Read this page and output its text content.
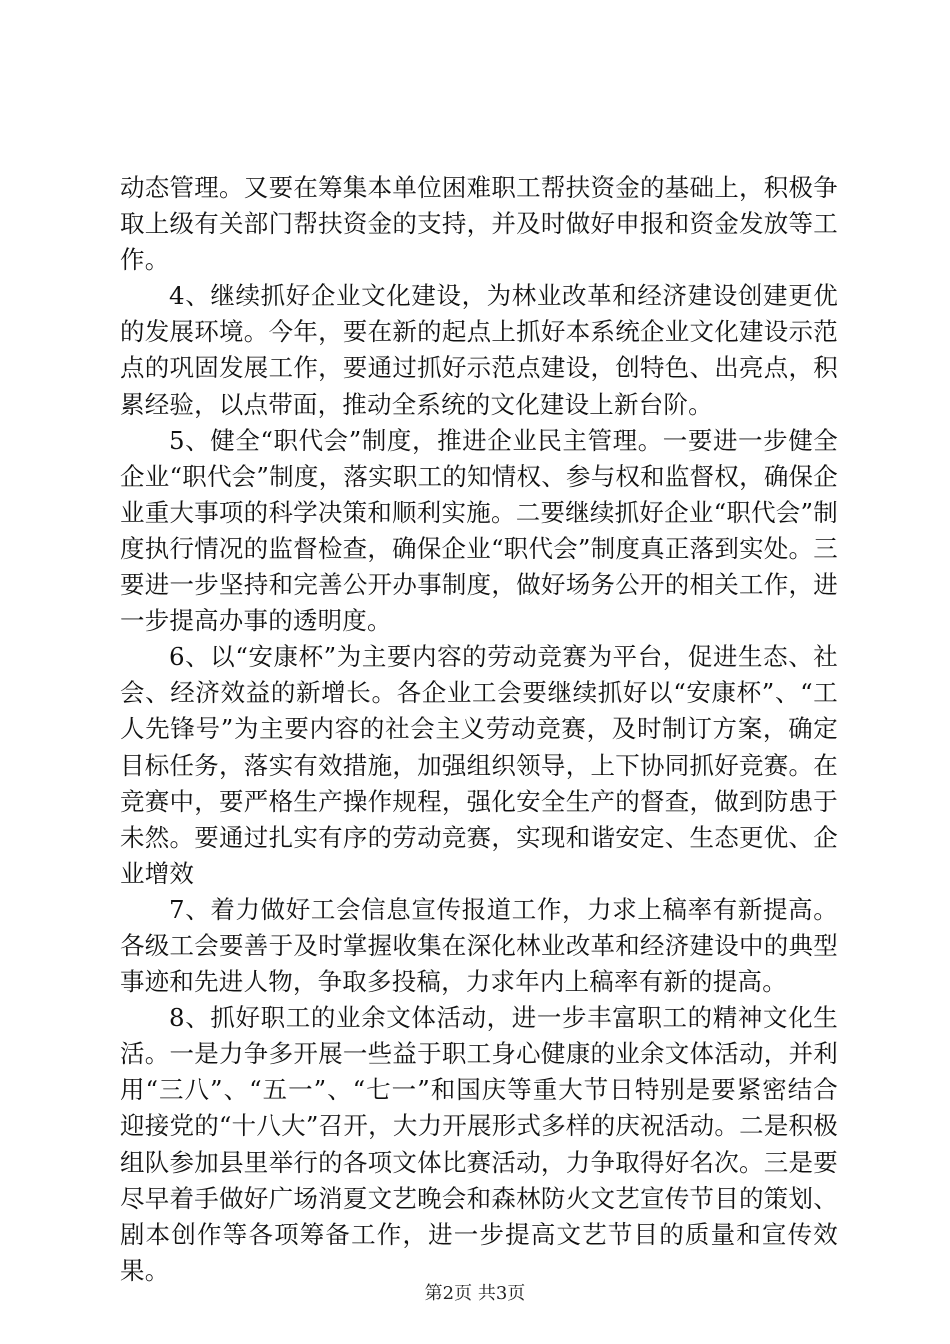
动态管理。又要在筹集本单位困难职工帮扶资金的基础上，积极争取上级有关部门帮扶资金的支持，并及时做好申报和资金发放等工作。

4、继续抓好企业文化建设，为林业改革和经济建设创建更优的发展环境。今年，要在新的起点上抓好本系统企业文化建设示范点的巩固发展工作，要通过抓好示范点建设，创特色、出亮点，积累经验，以点带面，推动全系统的文化建设上新台阶。

5、健全“职代会”制度，推进企业民主管理。一要进一步健全企业“职代会”制度，落实职工的知情权、参与权和监督权，确保企业重大事项的科学决策和顺利实施。二要继续抓好企业“职代会”制度执行情况的监督检查，确保企业“职代会”制度真正落到实处。三要进一步坚持和完善公开办事制度，做好场务公开的相关工作，进一步提高办事的透明度。

6、以“安康杯”为主要内容的劳动竞赛为平台，促进生态、社会、经济效益的新增长。各企业工会要继续抓好以“安康杯”、“工人先锋号”为主要内容的社会主义劳动竞赛，及时制订方案，确定目标任务，落实有效措施，加强组织领导，上下协同抓好竞赛。在竞赛中，要严格生产操作规程，强化安全生产的督查，做到防患于未然。要通过扎实有序的劳动竞赛，实现和谐安定、生态更优、企业增效

7、着力做好工会信息宣传报道工作，力求上稿率有新提高。各级工会要善于及时掌握收集在深化林业改革和经济建设中的典型事迹和先进人物，争取多投稿，力求年内上稿率有新的提高。

8、抓好职工的业余文体活动，进一步丰富职工的精神文化生活。一是力争多开展一些益于职工身心健康的业余文体活动，并利用“三八”、“五一”、“七一”和国庆等重大节日特别是要紧密结合迎接党的“十八大”召开，大力开展形式多样的庆祝活动。二是积极组队参加县里举行的各项文体比赛活动，力争取得好名次。三是要尽早着手做好广场消夏文艺晚会和森林防火文艺宣传节目的策划、剧本创作等各项筹备工作，进一步提高文艺节目的质量和宣传效果。

第2页 共3页
